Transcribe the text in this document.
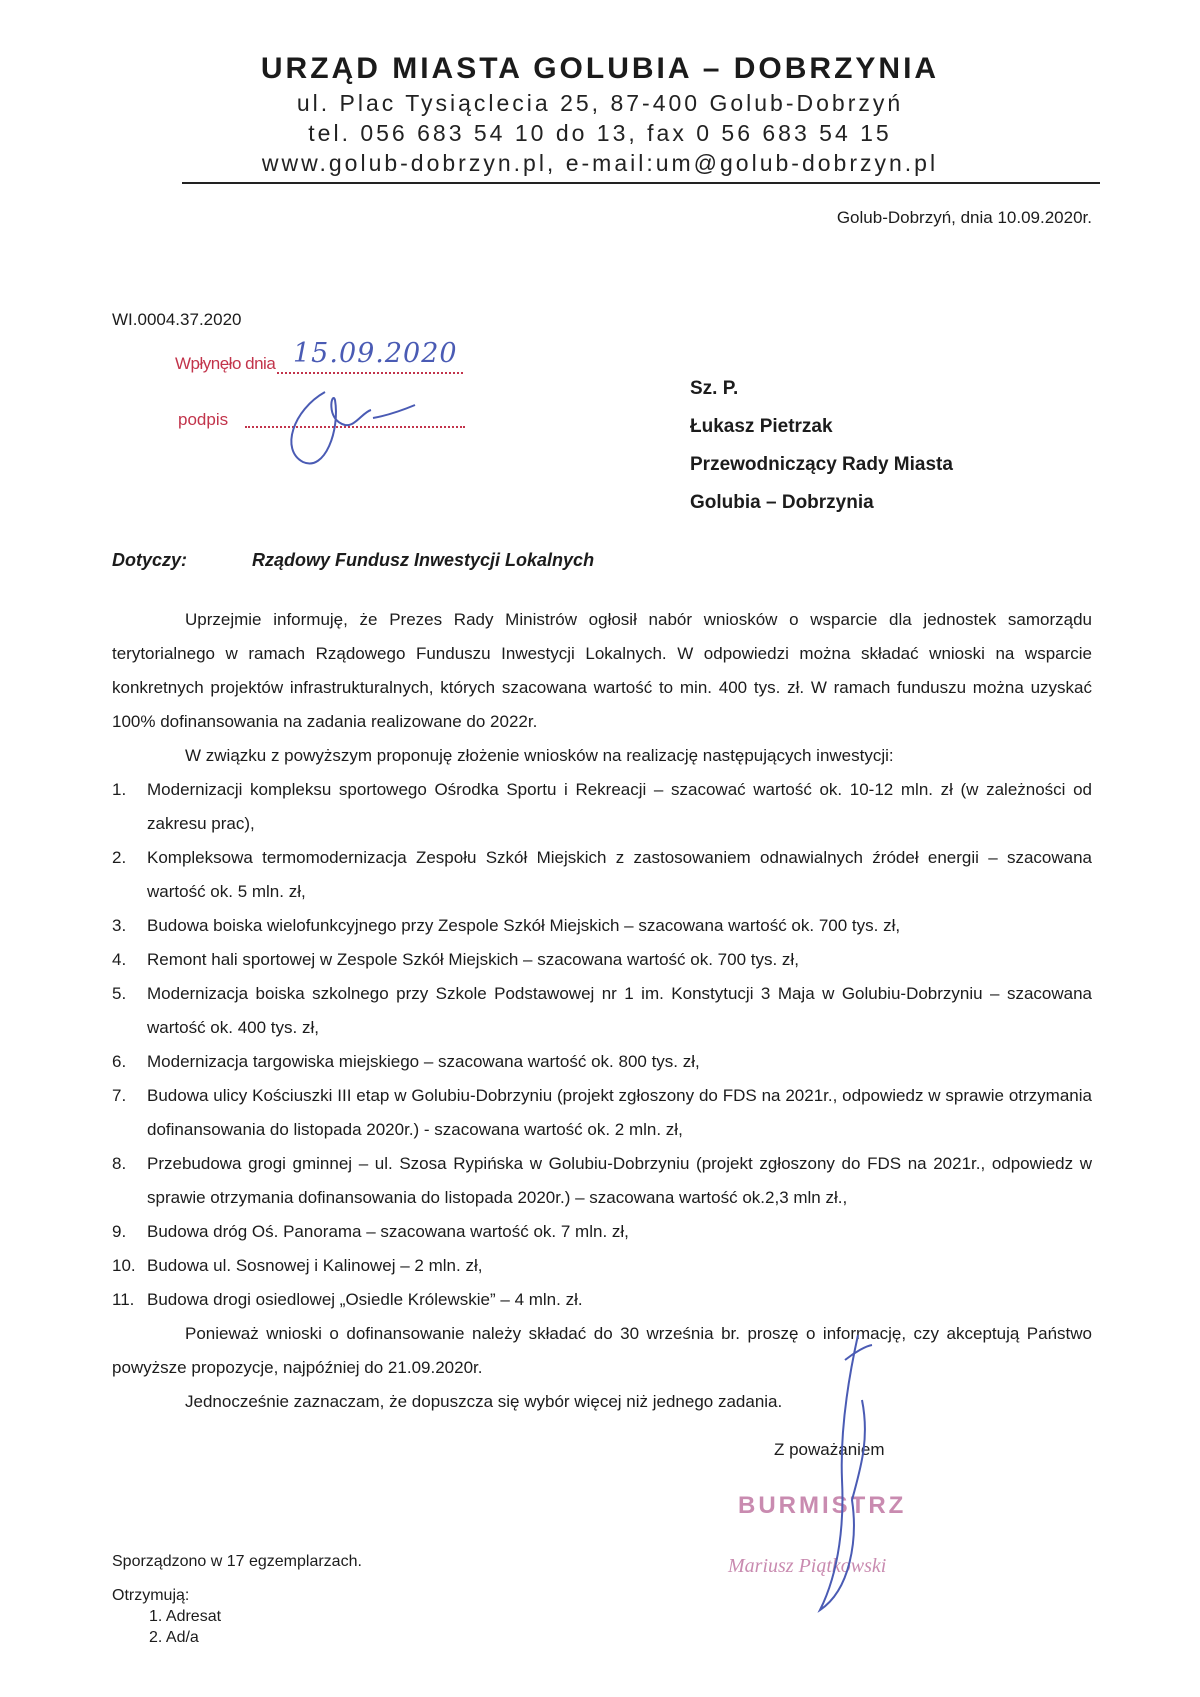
URZĄD MIASTA GOLUBIA – DOBRZYNIA
ul. Plac Tysiąclecia 25, 87-400 Golub-Dobrzyń
tel. 056 683 54 10 do 13, fax 0 56 683 54 15
www.golub-dobrzyn.pl, e-mail:um@golub-dobrzyn.pl
Golub-Dobrzyń, dnia 10.09.2020r.
WI.0004.37.2020
Wpłynęło dnia 15.09.2020
podpis
Sz. P.
Łukasz Pietrzak
Przewodniczący Rady Miasta
Golubia – Dobrzynia
Dotyczy:	Rządowy Fundusz Inwestycji Lokalnych

Uprzejmie informuję, że Prezes Rady Ministrów ogłosił nabór wniosków o wsparcie dla jednostek samorządu terytorialnego w ramach Rządowego Funduszu Inwestycji Lokalnych. W odpowiedzi można składać wnioski na wsparcie konkretnych projektów infrastrukturalnych, których szacowana wartość to min. 400 tys. zł. W ramach funduszu można uzyskać 100% dofinansowania na zadania realizowane do 2022r.

W związku z powyższym proponuję złożenie wniosków na realizację następujących inwestycji:

1. Modernizacji kompleksu sportowego Ośrodka Sportu i Rekreacji – szacować wartość ok. 10-12 mln. zł (w zależności od zakresu prac),
2. Kompleksowa termomodernizacja Zespołu Szkół Miejskich z zastosowaniem odnawialnych źródeł energii – szacowana wartość ok. 5 mln. zł,
3. Budowa boiska wielofunkcyjnego przy Zespole Szkół Miejskich – szacowana wartość ok. 700 tys. zł,
4. Remont hali sportowej w Zespole Szkół Miejskich – szacowana wartość ok. 700 tys. zł,
5. Modernizacja boiska szkolnego przy Szkole Podstawowej nr 1 im. Konstytucji 3 Maja w Golubiu-Dobrzyniu – szacowana wartość ok. 400 tys. zł,
6. Modernizacja targowiska miejskiego – szacowana wartość ok. 800 tys. zł,
7. Budowa ulicy Kościuszki III etap w Golubiu-Dobrzyniu (projekt zgłoszony do FDS na 2021r., odpowiedz w sprawie otrzymania dofinansowania do listopada 2020r.) - szacowana wartość ok. 2 mln. zł,
8. Przebudowa grogi gminnej – ul. Szosa Rypińska w Golubiu-Dobrzyniu (projekt zgłoszony do FDS na 2021r., odpowiedz w sprawie otrzymania dofinansowania do listopada 2020r.) – szacowana wartość ok.2,3 mln zł.,
9. Budowa dróg Oś. Panorama – szacowana wartość ok. 7 mln. zł,
10. Budowa ul. Sosnowej i Kalinowej – 2 mln. zł,
11. Budowa drogi osiedlowej „Osiedle Królewskie” – 4 mln. zł.

Ponieważ wnioski o dofinansowanie należy składać do 30 września br. proszę o informację, czy akceptują Państwo powyższe propozycje, najpóźniej do 21.09.2020r.

Jednocześnie zaznaczam, że dopuszcza się wybór więcej niż jednego zadania.

Z poważaniem
BURMISTRZ
Mariusz Piątkowski
Sporządzono w 17 egzemplarzach.
Otrzymują:
1. Adresat
2. Ad/a
